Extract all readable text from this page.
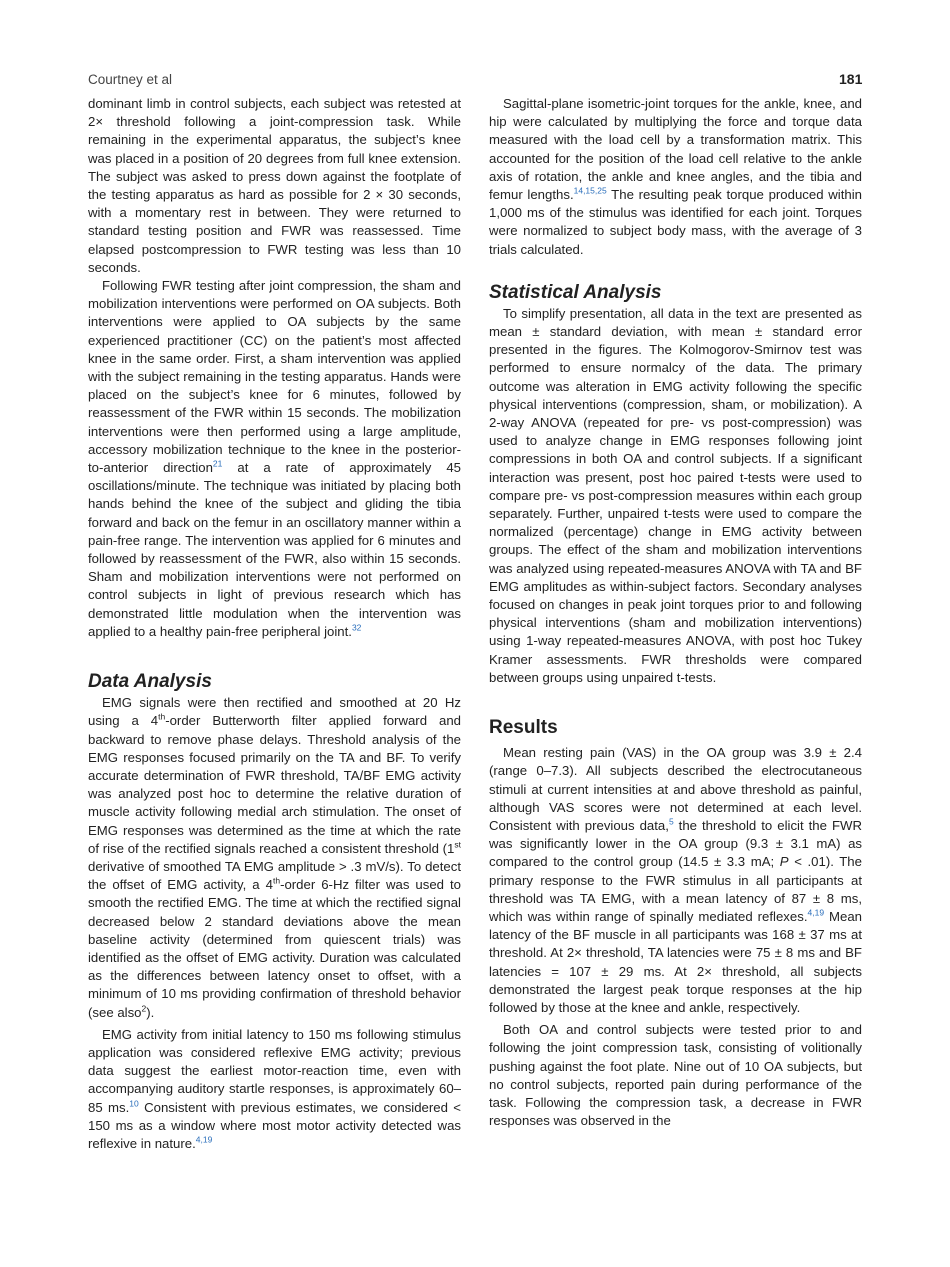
Courtney et al	181

dominant limb in control subjects, each subject was retested at 2× threshold following a joint-compression task. While remaining in the experimental apparatus, the subject’s knee was placed in a position of 20 degrees from full knee extension. The subject was asked to press down against the footplate of the testing apparatus as hard as possible for 2 × 30 seconds, with a momentary rest in between. They were returned to standard testing position and FWR was reassessed. Time elapsed postcompression to FWR testing was less than 10 seconds.

Following FWR testing after joint compression, the sham and mobilization interventions were performed on OA subjects. Both interventions were applied to OA subjects by the same experienced practitioner (CC) on the patient’s most affected knee in the same order. First, a sham intervention was applied with the subject remaining in the testing apparatus. Hands were placed on the subject’s knee for 6 minutes, followed by reassessment of the FWR within 15 seconds. The mobilization interventions were then performed using a large amplitude, accessory mobilization technique to the knee in the posterior-to-anterior direction$^{21}$ at a rate of approximately 45 oscillations/minute. The technique was initiated by placing both hands behind the knee of the subject and gliding the tibia forward and back on the femur in an oscillatory manner within a pain-free range. The intervention was applied for 6 minutes and followed by reassessment of the FWR, also within 15 seconds. Sham and mobilization interventions were not performed on control subjects in light of previous research which has demonstrated little modulation when the intervention was applied to a healthy pain-free peripheral joint.$^{32}$

Data Analysis

EMG signals were then rectified and smoothed at 20 Hz using a 4th-order Butterworth filter applied forward and backward to remove phase delays. Threshold analysis of the EMG responses focused primarily on the TA and BF. To verify accurate determination of FWR threshold, TA/BF EMG activity was analyzed post hoc to determine the relative duration of muscle activity following medial arch stimulation. The onset of EMG responses was determined as the time at which the rate of rise of the rectified signals reached a consistent threshold (1st derivative of smoothed TA EMG amplitude > .3 mV/s). To detect the offset of EMG activity, a 4th-order 6-Hz filter was used to smooth the rectified EMG. The time at which the rectified signal decreased below 2 standard deviations above the mean baseline activity (determined from quiescent trials) was identified as the offset of EMG activity. Duration was calculated as the differences between latency onset to offset, with a minimum of 10 ms providing confirmation of threshold behavior (see also$^2$).

EMG activity from initial latency to 150 ms following stimulus application was considered reflexive EMG activity; previous data suggest the earliest motor-reaction time, even with accompanying auditory startle responses, is approximately 60–85 ms.$^{10}$ Consistent with previous estimates, we considered < 150 ms as a window where most motor activity detected was reflexive in nature.$^{4,19}$

Sagittal-plane isometric-joint torques for the ankle, knee, and hip were calculated by multiplying the force and torque data measured with the load cell by a transformation matrix. This accounted for the position of the load cell relative to the ankle axis of rotation, the ankle and knee angles, and the tibia and femur lengths.$^{14,15,25}$ The resulting peak torque produced within 1,000 ms of the stimulus was identified for each joint. Torques were normalized to subject body mass, with the average of 3 trials calculated.

Statistical Analysis

To simplify presentation, all data in the text are presented as mean ± standard deviation, with mean ± standard error presented in the figures. The Kolmogorov-Smirnov test was performed to ensure normalcy of the data. The primary outcome was alteration in EMG activity following the specific physical interventions (compression, sham, or mobilization). A 2-way ANOVA (repeated for pre- vs post-compression) was used to analyze change in EMG responses following joint compressions in both OA and control subjects. If a significant interaction was present, post hoc paired t-tests were used to compare pre- vs post-compression measures within each group separately. Further, unpaired t-tests were used to compare the normalized (percentage) change in EMG activity between groups. The effect of the sham and mobilization interventions was analyzed using repeated-measures ANOVA with TA and BF EMG amplitudes as within-subject factors. Secondary analyses focused on changes in peak joint torques prior to and following physical interventions (sham and mobilization interventions) using 1-way repeated-measures ANOVA, with post hoc Tukey Kramer assessments. FWR thresholds were compared between groups using unpaired t-tests.

Results

Mean resting pain (VAS) in the OA group was 3.9 ± 2.4 (range 0–7.3). All subjects described the electrocutaneous stimuli at current intensities at and above threshold as painful, although VAS scores were not determined at each level. Consistent with previous data,$^5$ the threshold to elicit the FWR was significantly lower in the OA group (9.3 ± 3.1 mA) as compared to the control group (14.5 ± 3.3 mA; P < .01). The primary response to the FWR stimulus in all participants at threshold was TA EMG, with a mean latency of 87 ± 8 ms, which was within range of spinally mediated reflexes.$^{4,19}$ Mean latency of the BF muscle in all participants was 168 ± 37 ms at threshold. At 2× threshold, TA latencies were 75 ± 8 ms and BF latencies = 107 ± 29 ms. At 2× threshold, all subjects demonstrated the largest peak torque responses at the hip followed by those at the knee and ankle, respectively.

Both OA and control subjects were tested prior to and following the joint compression task, consisting of volitionally pushing against the foot plate. Nine out of 10 OA subjects, but no control subjects, reported pain during performance of the task. Following the compression task, a decrease in FWR responses was observed in the
